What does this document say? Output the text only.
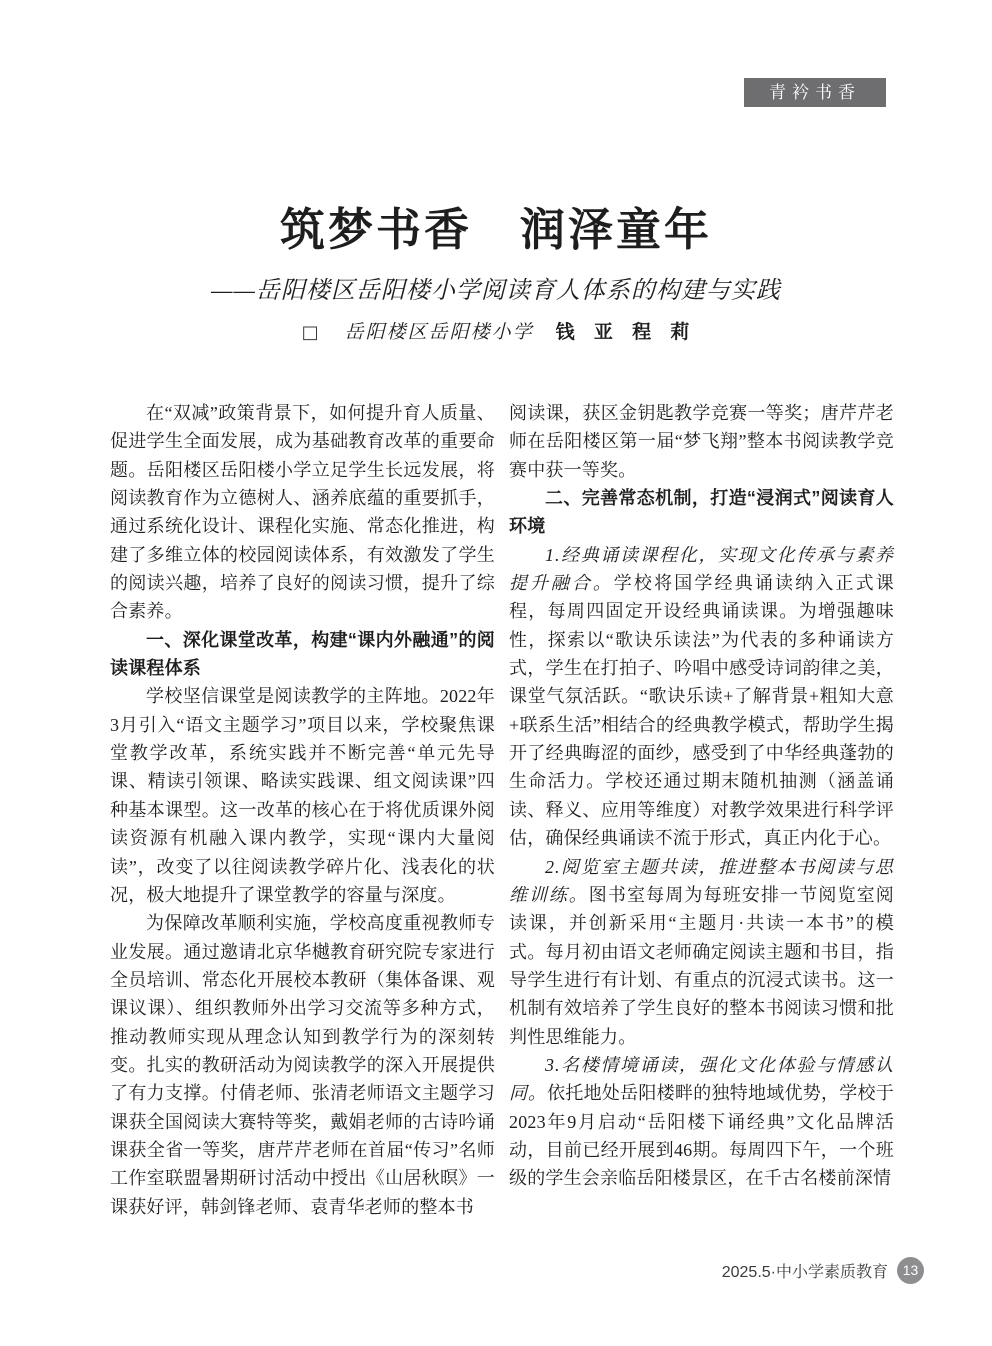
青衿书香
筑梦书香　润泽童年
——岳阳楼区岳阳楼小学阅读育人体系的构建与实践
□ 岳阳楼区岳阳楼小学 钱 亚 程 莉

在“双减”政策背景下，如何提升育人质量、促进学生全面发展，成为基础教育改革的重要命题。岳阳楼区岳阳楼小学立足学生长远发展，将阅读教育作为立德树人、涵养底蕴的重要抓手，通过系统化设计、课程化实施、常态化推进，构建了多维立体的校园阅读体系，有效激发了学生的阅读兴趣，培养了良好的阅读习惯，提升了综合素养。

一、深化课堂改革，构建“课内外融通”的阅读课程体系

学校坚信课堂是阅读教学的主阵地。2022年3月引入“语文主题学习”项目以来，学校聚焦课堂教学改革，系统实践并不断完善“单元先导课、精读引领课、略读实践课、组文阅读课”四种基本课型。这一改革的核心在于将优质课外阅读资源有机融入课内教学，实现“课内大量阅读”，改变了以往阅读教学碎片化、浅表化的状况，极大地提升了课堂教学的容量与深度。

为保障改革顺利实施，学校高度重视教师专业发展。通过邀请北京华樾教育研究院专家进行全员培训、常态化开展校本教研（集体备课、观课议课）、组织教师外出学习交流等多种方式，推动教师实现从理念认知到教学行为的深刻转变。扎实的教研活动为阅读教学的深入开展提供了有力支撑。付倩老师、张清老师语文主题学习课获全国阅读大赛特等奖，戴娟老师的古诗吟诵课获全省一等奖，唐芹芹老师在首届“传习”名师工作室联盟暑期研讨活动中授出《山居秋暝》一课获好评，韩剑锋老师、袁青华老师的整本书

阅读课，获区金钥匙教学竞赛一等奖；唐芹芹老师在岳阳楼区第一届“梦飞翔”整本书阅读教学竞赛中获一等奖。

二、完善常态机制，打造“浸润式”阅读育人环境

1.经典诵读课程化，实现文化传承与素养提升融合。学校将国学经典诵读纳入正式课程，每周四固定开设经典诵读课。为增强趣味性，探索以“歌诀乐读法”为代表的多种诵读方式，学生在打拍子、吟唱中感受诗词韵律之美，课堂气氛活跃。“歌诀乐读+了解背景+粗知大意+联系生活”相结合的经典教学模式，帮助学生揭开了经典晦涩的面纱，感受到了中华经典蓬勃的生命活力。学校还通过期末随机抽测（涵盖诵读、释义、应用等维度）对教学效果进行科学评估，确保经典诵读不流于形式，真正内化于心。

2.阅览室主题共读，推进整本书阅读与思维训练。图书室每周为每班安排一节阅览室阅读课，并创新采用“主题月·共读一本书”的模式。每月初由语文老师确定阅读主题和书目，指导学生进行有计划、有重点的沉浸式读书。这一机制有效培养了学生良好的整本书阅读习惯和批判性思维能力。

3.名楼情境诵读，强化文化体验与情感认同。依托地处岳阳楼畔的独特地域优势，学校于2023年9月启动“岳阳楼下诵经典”文化品牌活动，目前已经开展到46期。每周四下午，一个班级的学生会亲临岳阳楼景区，在千古名楼前深情

2025.5·中小学素质教育	13
